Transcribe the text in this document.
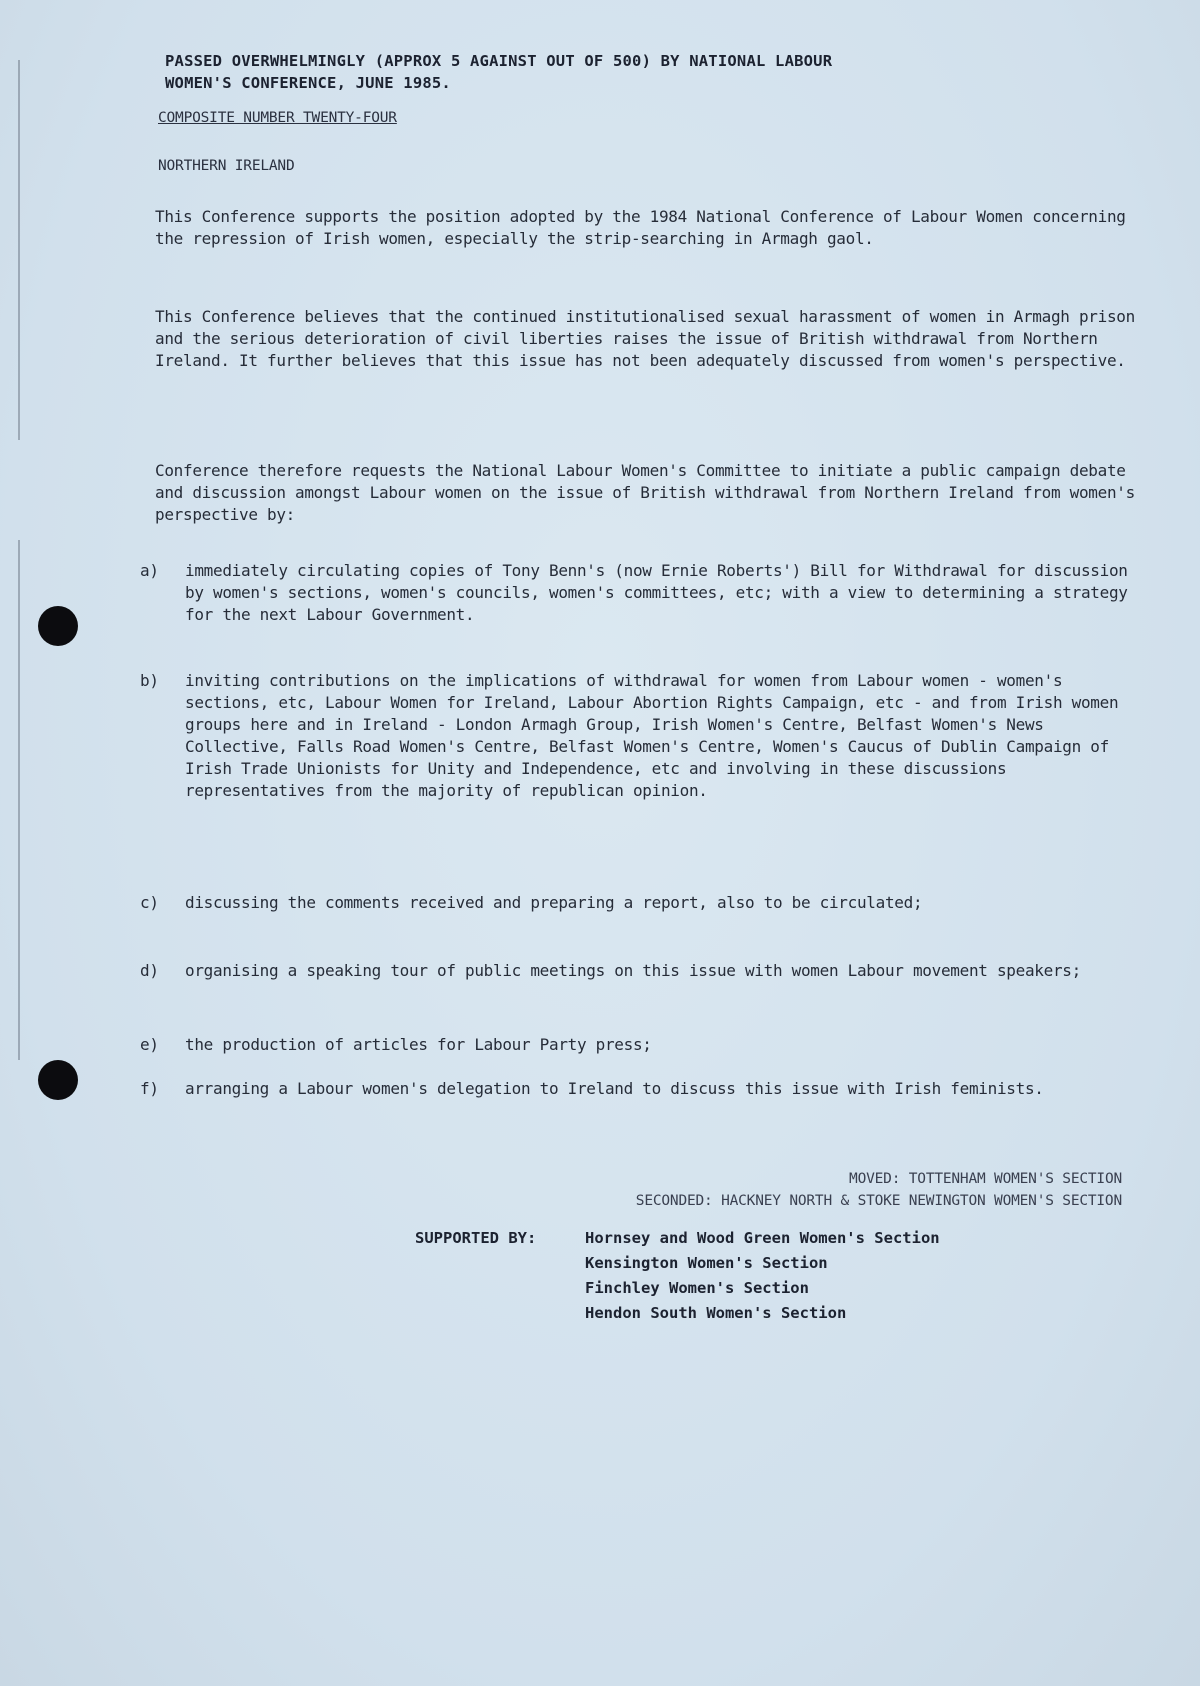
PASSED OVERWHELMINGLY (APPROX 5 AGAINST OUT OF 500) BY NATIONAL LABOUR
WOMEN'S CONFERENCE, JUNE 1985.
COMPOSITE NUMBER TWENTY-FOUR
NORTHERN IRELAND
This Conference supports the position adopted by the 1984 National Conference of Labour Women concerning the repression of Irish women, especially the strip-searching in Armagh gaol.
This Conference believes that the continued institutionalised sexual harassment of women in Armagh prison and the serious deterioration of civil liberties raises the issue of British withdrawal from Northern Ireland. It further believes that this issue has not been adequately discussed from women's perspective.
Conference therefore requests the National Labour Women's Committee to initiate a public campaign debate and discussion amongst Labour women on the issue of British withdrawal from Northern Ireland from women's perspective by:
a)	immediately circulating copies of Tony Benn's (now Ernie Roberts') Bill for Withdrawal for discussion by women's sections, women's councils, women's committees, etc; with a view to determining a strategy for the next Labour Government.
b)	inviting contributions on the implications of withdrawal for women from Labour women - women's sections, etc, Labour Women for Ireland, Labour Abortion Rights Campaign, etc - and from Irish women groups here and in Ireland - London Armagh Group, Irish Women's Centre, Belfast Women's News Collective, Falls Road Women's Centre, Belfast Women's Centre, Women's Caucus of Dublin Campaign of Irish Trade Unionists for Unity and Independence, etc and involving in these discussions representatives from the majority of republican opinion.
c)	discussing the comments received and preparing a report, also to be circulated;
d)	organising a speaking tour of public meetings on this issue with women Labour movement speakers;
e)	the production of articles for Labour Party press;
f)	arranging a Labour women's delegation to Ireland to discuss this issue with Irish feminists.
MOVED: TOTTENHAM WOMEN'S SECTION
SECONDED: HACKNEY NORTH & STOKE NEWINGTON WOMEN'S SECTION
SUPPORTED BY:	Hornsey and Wood Green Women's Section
Kensington Women's Section
Finchley Women's Section
Hendon South Women's Section
